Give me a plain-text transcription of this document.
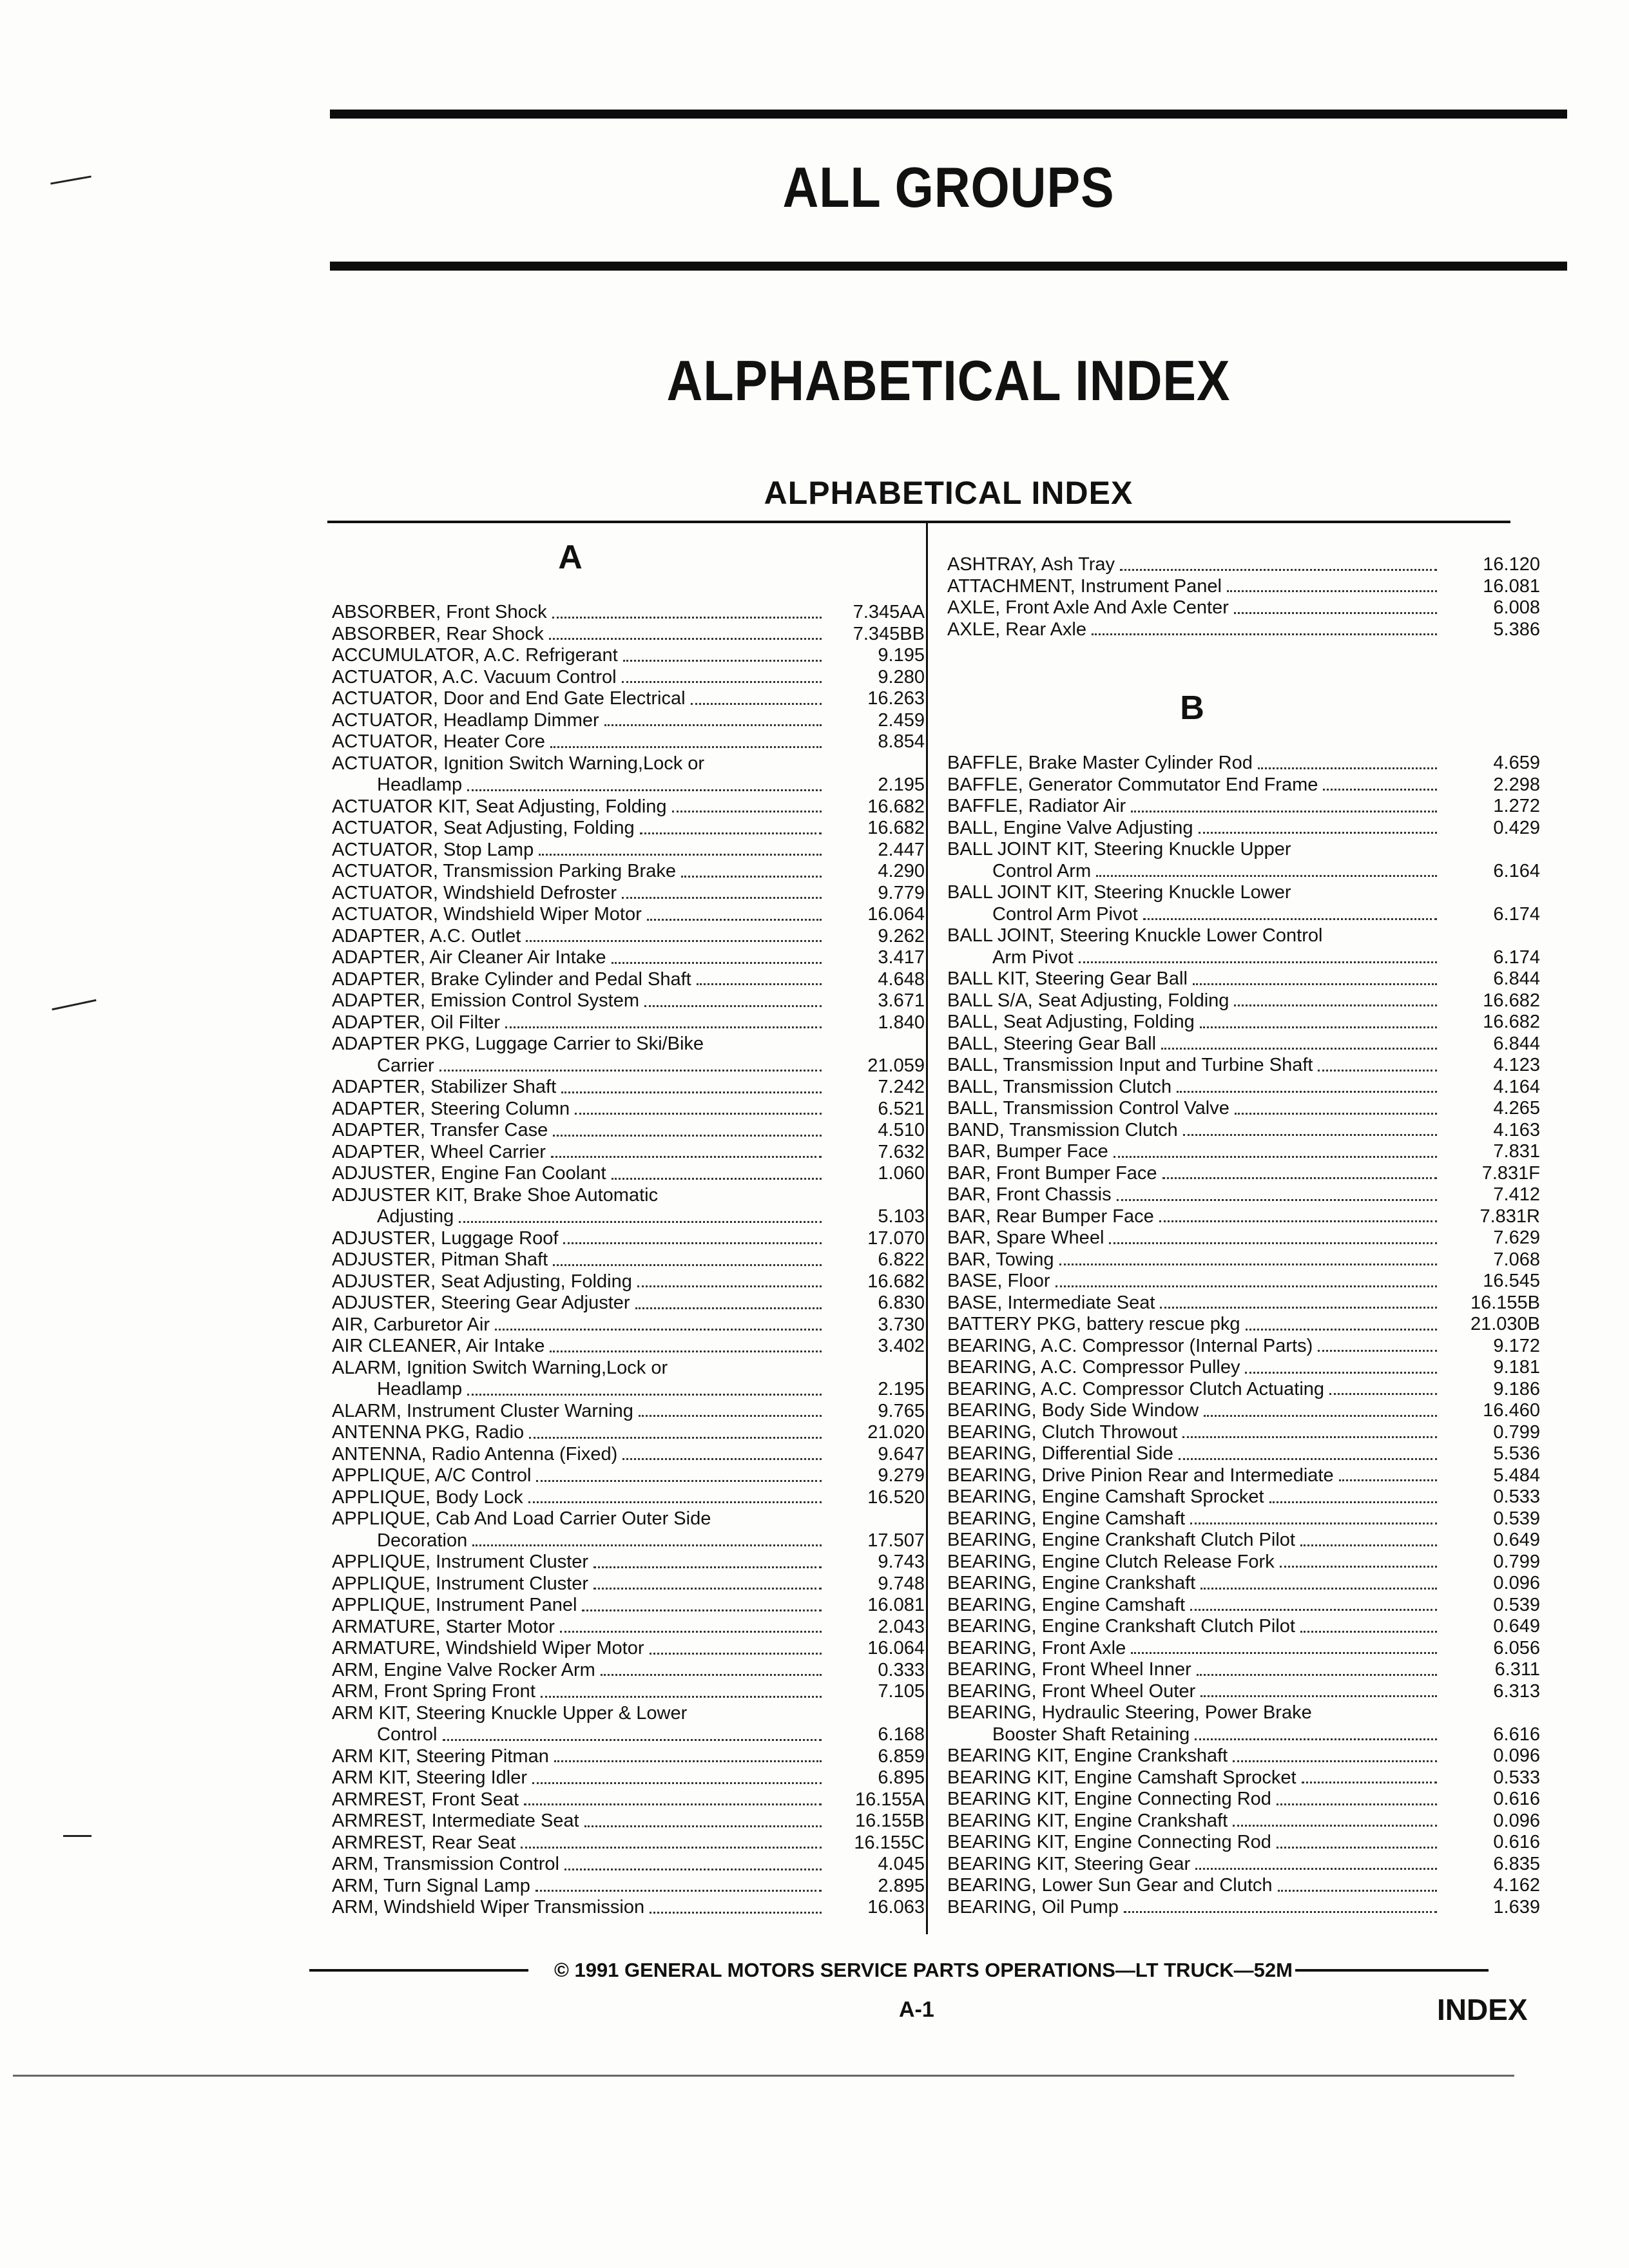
ALL GROUPS
ALPHABETICAL INDEX
ALPHABETICAL INDEX
A
ABSORBER, Front Shock	7.345AA
ABSORBER, Rear Shock	7.345BB
ACCUMULATOR, A.C. Refrigerant	9.195
ACTUATOR, A.C. Vacuum Control	9.280
ACTUATOR, Door and End Gate Electrical	16.263
ACTUATOR, Headlamp Dimmer	2.459
ACTUATOR, Heater Core	8.854
ACTUATOR, Ignition Switch Warning,Lock or
Headlamp	2.195
ACTUATOR KIT, Seat Adjusting, Folding	16.682
ACTUATOR, Seat Adjusting, Folding	16.682
ACTUATOR, Stop Lamp	2.447
ACTUATOR, Transmission Parking Brake	4.290
ACTUATOR, Windshield Defroster	9.779
ACTUATOR, Windshield Wiper Motor	16.064
ADAPTER, A.C. Outlet	9.262
ADAPTER, Air Cleaner Air Intake	3.417
ADAPTER, Brake Cylinder and Pedal Shaft	4.648
ADAPTER, Emission Control System	3.671
ADAPTER, Oil Filter	1.840
ADAPTER PKG, Luggage Carrier to Ski/Bike
Carrier	21.059
ADAPTER, Stabilizer Shaft	7.242
ADAPTER, Steering Column	6.521
ADAPTER, Transfer Case	4.510
ADAPTER, Wheel Carrier	7.632
ADJUSTER, Engine Fan Coolant	1.060
ADJUSTER KIT, Brake Shoe Automatic
Adjusting	5.103
ADJUSTER, Luggage Roof	17.070
ADJUSTER, Pitman Shaft	6.822
ADJUSTER, Seat Adjusting, Folding	16.682
ADJUSTER, Steering Gear Adjuster	6.830
AIR, Carburetor Air	3.730
AIR CLEANER, Air Intake	3.402
ALARM, Ignition Switch Warning,Lock or
Headlamp	2.195
ALARM, Instrument Cluster Warning	9.765
ANTENNA PKG, Radio	21.020
ANTENNA, Radio Antenna (Fixed)	9.647
APPLIQUE, A/C Control	9.279
APPLIQUE, Body Lock	16.520
APPLIQUE, Cab And Load Carrier Outer Side
Decoration	17.507
APPLIQUE, Instrument Cluster	9.743
APPLIQUE, Instrument Cluster	9.748
APPLIQUE, Instrument Panel	16.081
ARMATURE, Starter Motor	2.043
ARMATURE, Windshield Wiper Motor	16.064
ARM, Engine Valve Rocker Arm	0.333
ARM, Front Spring Front	7.105
ARM KIT, Steering Knuckle Upper & Lower
Control	6.168
ARM KIT, Steering Pitman	6.859
ARM KIT, Steering Idler	6.895
ARMREST, Front Seat	16.155A
ARMREST, Intermediate Seat	16.155B
ARMREST, Rear Seat	16.155C
ARM, Transmission Control	4.045
ARM, Turn Signal Lamp	2.895
ARM, Windshield Wiper Transmission	16.063
ASHTRAY, Ash Tray	16.120
ATTACHMENT, Instrument Panel	16.081
AXLE, Front Axle And Axle Center	6.008
AXLE, Rear Axle	5.386
B
BAFFLE, Brake Master Cylinder Rod	4.659
BAFFLE, Generator Commutator End Frame	2.298
BAFFLE, Radiator Air	1.272
BALL, Engine Valve Adjusting	0.429
BALL JOINT KIT, Steering Knuckle Upper
Control Arm	6.164
BALL JOINT KIT, Steering Knuckle Lower
Control Arm Pivot	6.174
BALL JOINT, Steering Knuckle Lower Control
Arm Pivot	6.174
BALL KIT, Steering Gear Ball	6.844
BALL S/A, Seat Adjusting, Folding	16.682
BALL, Seat Adjusting, Folding	16.682
BALL, Steering Gear Ball	6.844
BALL, Transmission Input and Turbine Shaft	4.123
BALL, Transmission Clutch	4.164
BALL, Transmission Control Valve	4.265
BAND, Transmission Clutch	4.163
BAR, Bumper Face	7.831
BAR, Front Bumper Face	7.831F
BAR, Front Chassis	7.412
BAR, Rear Bumper Face	7.831R
BAR, Spare Wheel	7.629
BAR, Towing	7.068
BASE, Floor	16.545
BASE, Intermediate Seat	16.155B
BATTERY PKG, battery rescue pkg	21.030B
BEARING, A.C. Compressor (Internal Parts)	9.172
BEARING, A.C. Compressor Pulley	9.181
BEARING, A.C. Compressor Clutch Actuating	9.186
BEARING, Body Side Window	16.460
BEARING, Clutch Throwout	0.799
BEARING, Differential Side	5.536
BEARING, Drive Pinion Rear and Intermediate	5.484
BEARING, Engine Camshaft Sprocket	0.533
BEARING, Engine Camshaft	0.539
BEARING, Engine Crankshaft Clutch Pilot	0.649
BEARING, Engine Clutch Release Fork	0.799
BEARING, Engine Crankshaft	0.096
BEARING, Engine Camshaft	0.539
BEARING, Engine Crankshaft Clutch Pilot	0.649
BEARING, Front Axle	6.056
BEARING, Front Wheel Inner	6.311
BEARING, Front Wheel Outer	6.313
BEARING, Hydraulic Steering, Power Brake
Booster Shaft Retaining	6.616
BEARING KIT, Engine Crankshaft	0.096
BEARING KIT, Engine Camshaft Sprocket	0.533
BEARING KIT, Engine Connecting Rod	0.616
BEARING KIT, Engine Crankshaft	0.096
BEARING KIT, Engine Connecting Rod	0.616
BEARING KIT, Steering Gear	6.835
BEARING, Lower Sun Gear and Clutch	4.162
BEARING, Oil Pump	1.639
© 1991 GENERAL MOTORS SERVICE PARTS OPERATIONS—LT TRUCK—52M
A-1	INDEX
